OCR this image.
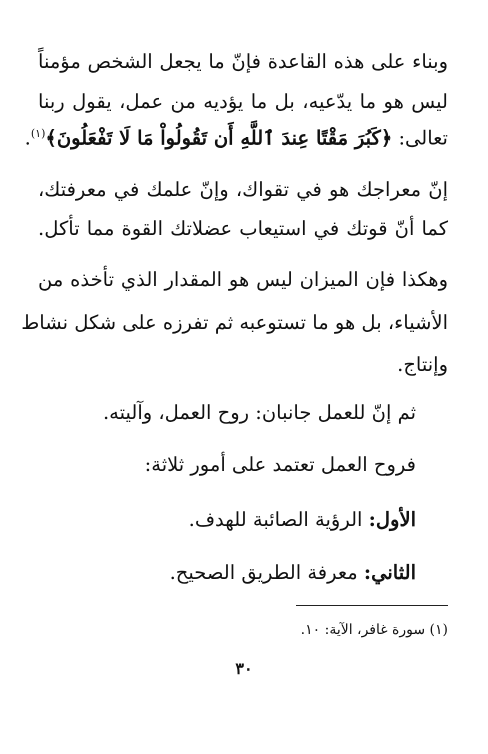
وبناء على هذه القاعدة فإنّ ما يجعل الشخص مؤمناً
ليس هو ما يدّعيه، بل ما يؤديه من عمل، يقول ربنا
تعالى: ﴿كَبُرَ مَقْتًا عِندَ ٱللَّهِ أَن تَقُولُواْ مَا لَا تَفْعَلُونَ﴾$^{(١)}$.
إنّ معراجك هو في تقواك، وإنّ علمك في معرفتك،
كما أنّ قوتك في استيعاب عضلاتك القوة مما تأكل.
وهكذا فإن الميزان ليس هو المقدار الذي تأخذه من
الأشياء، بل هو ما تستوعبه ثم تفرزه على شكل نشاط
وإنتاج.
ثم إنّ للعمل جانبان: روح العمل، وآليته.
فروح العمل تعتمد على أمور ثلاثة:
الأول: الرؤية الصائبة للهدف.
الثاني: معرفة الطريق الصحيح.
(١) سورة غافر، الآية: ١٠.
٣٠
